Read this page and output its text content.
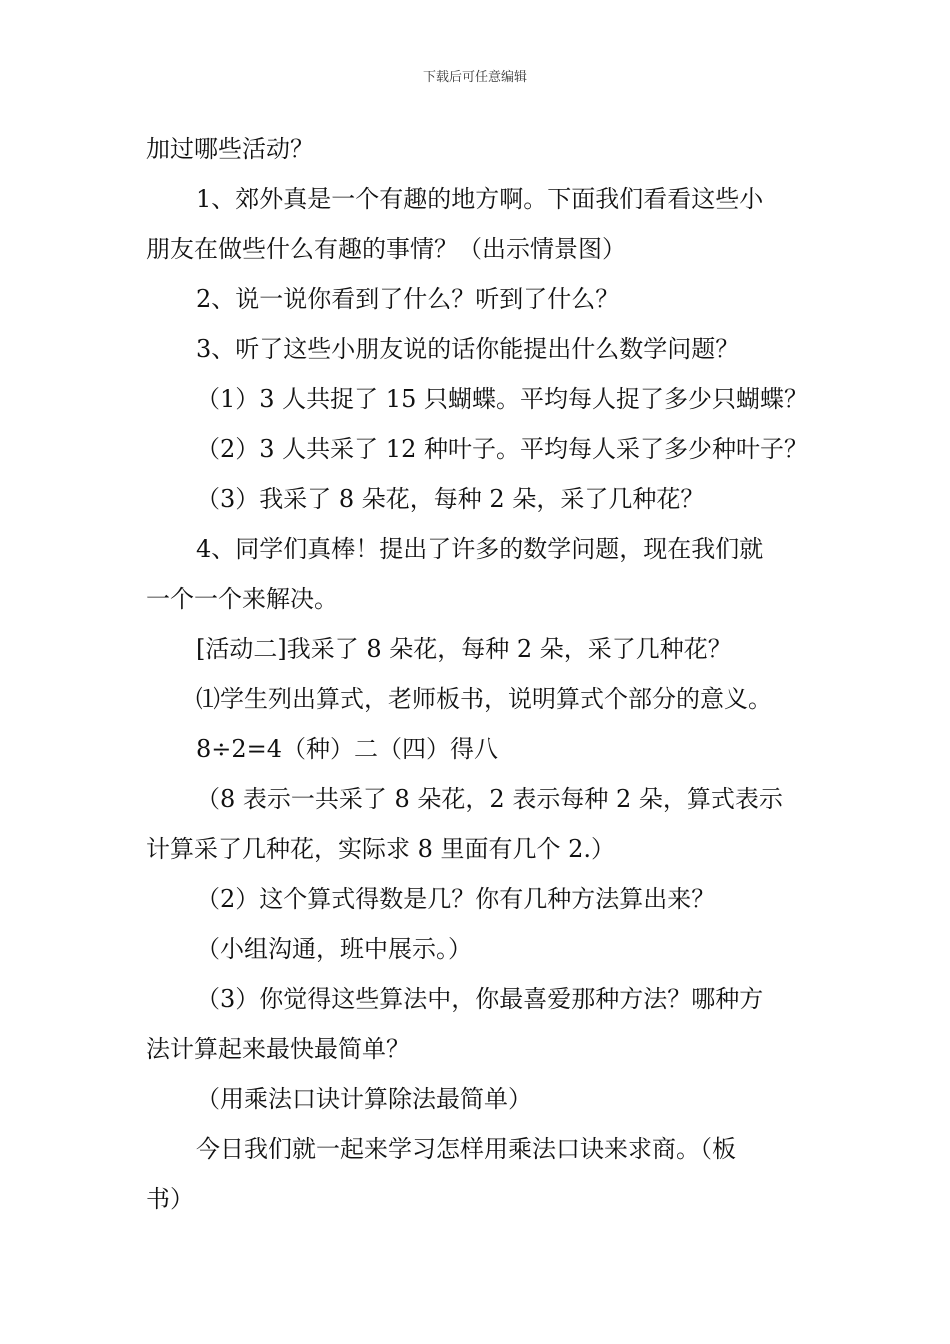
下载后可任意编辑
加过哪些活动？
1、郊外真是一个有趣的地方啊。下面我们看看这些小
朋友在做些什么有趣的事情？（出示情景图）
2、说一说你看到了什么？听到了什么？
3、听了这些小朋友说的话你能提出什么数学问题？
（1）3 人共捉了 15 只蝴蝶。平均每人捉了多少只蝴蝶？
（2）3 人共采了 12 种叶子。平均每人采了多少种叶子？
（3）我采了 8 朵花，每种 2 朵，采了几种花？
4、同学们真棒！提出了许多的数学问题，现在我们就
一个一个来解决。
[活动二]我采了 8 朵花，每种 2 朵，采了几种花？
⑴学生列出算式，老师板书，说明算式个部分的意义。
8÷2=4（种）二（四）得八
（8 表示一共采了 8 朵花，2 表示每种 2 朵，算式表示
计算采了几种花，实际求 8 里面有几个 2.）
（2）这个算式得数是几？你有几种方法算出来？
（小组沟通，班中展示。）
（3）你觉得这些算法中，你最喜爱那种方法？哪种方
法计算起来最快最简单？
（用乘法口诀计算除法最简单）
今日我们就一起来学习怎样用乘法口诀来求商。（板
书）
